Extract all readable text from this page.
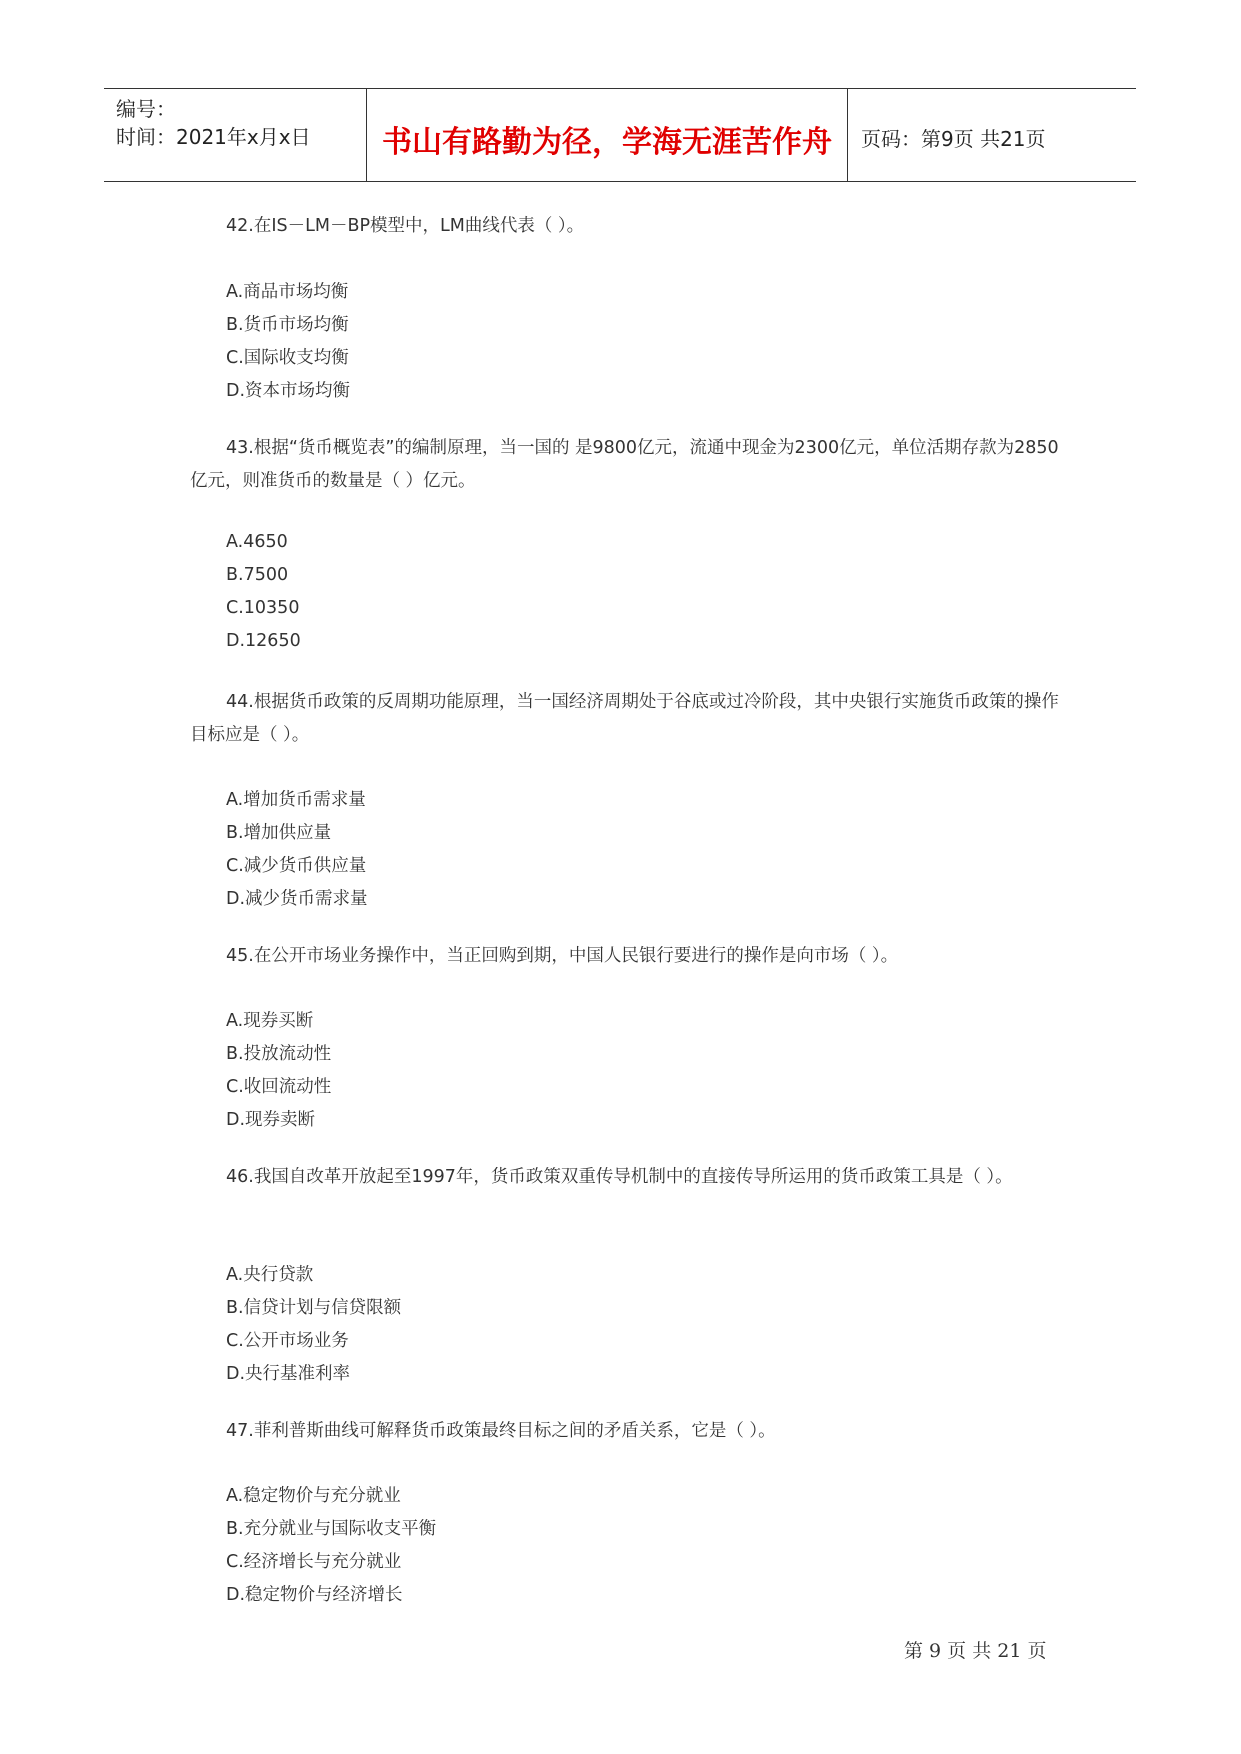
编号：
时间：2021年x月x日	书山有路勤为径，学海无涯苦作舟	页码：第9页 共21页

42.在IS－LM－BP模型中，LM曲线代表（ ）。

A.商品市场均衡
B.货币市场均衡
C.国际收支均衡
D.资本市场均衡

43.根据“货币概览表”的编制原理，当一国的 是9800亿元，流通中现金为2300亿元，单位活期存款为2850亿元，则准货币的数量是（ ）亿元。

A.4650
B.7500
C.10350
D.12650

44.根据货币政策的反周期功能原理，当一国经济周期处于谷底或过冷阶段，其中央银行实施货币政策的操作目标应是（ ）。

A.增加货币需求量
B.增加供应量
C.减少货币供应量
D.减少货币需求量

45.在公开市场业务操作中，当正回购到期，中国人民银行要进行的操作是向市场（ ）。

A.现券买断
B.投放流动性
C.收回流动性
D.现券卖断

46.我国自改革开放起至1997年，货币政策双重传导机制中的直接传导所运用的货币政策工具是（ ）。

A.央行贷款
B.信贷计划与信贷限额
C.公开市场业务
D.央行基准利率

47.菲利普斯曲线可解释货币政策最终目标之间的矛盾关系，它是（ ）。

A.稳定物价与充分就业
B.充分就业与国际收支平衡
C.经济增长与充分就业
D.稳定物价与经济增长
第 9 页 共 21 页
